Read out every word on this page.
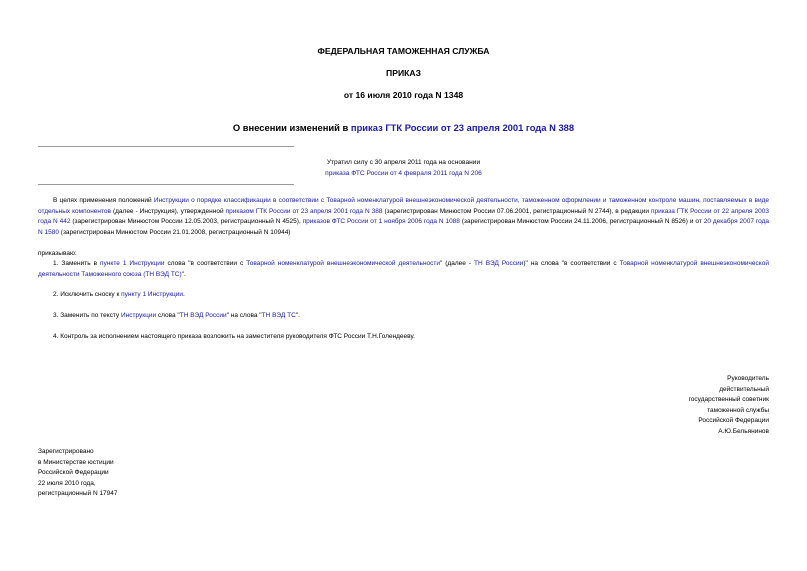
ФЕДЕРАЛЬНАЯ ТАМОЖЕННАЯ СЛУЖБА
ПРИКАЗ
от 16 июля 2010 года N 1348
О внесении изменений в приказ ГТК России от 23 апреля 2001 года N 388
Утратил силу с 30 апреля 2011 года на основании
приказа ФТС России от 4 февраля 2011 года N 206
В целях применения положений Инструкции о порядке классификации в соответствии с Товарной номенклатурой внешнеэкономической деятельности, таможенном оформлении и таможенном контроле машин, поставляемых в виде отдельных компонентов (далее - Инструкция), утвержденной приказом ГТК России от 23 апреля 2001 года N 388 (зарегистрирован Минюстом России 07.06.2001, регистрационный N 2744), в редакции приказа ГТК России от 22 апреля 2003 года N 442 (зарегистрирован Минюстом России 12.05.2003, регистрационный N 4525), приказов ФТС России от 1 ноября 2006 года N 1088 (зарегистрирован Минюстом России 24.11.2006, регистрационный N 8526) и от 20 декабря 2007 года N 1580 (зарегистрирован Минюстом России 21.01.2008, регистрационный N 10944)
приказываю:
1. Заменить в пункте 1 Инструкции слова "в соответствии с Товарной номенклатурой внешнеэкономической деятельности" (далее - ТН ВЭД России)" на слова "в соответствии с Товарной номенклатурой внешнеэкономической деятельности Таможенного союза (ТН ВЭД ТС)".
2. Исключить сноску к пункту 1 Инструкции.
3. Заменить по тексту Инструкции слова "ТН ВЭД России" на слова "ТН ВЭД ТС".
4. Контроль за исполнением настоящего приказа возложить на заместителя руководителя ФТС России Т.Н.Голендееву.
Руководитель
действительный
государственный советник
таможенной службы
Российской Федерации
А.Ю.Бельянинов
Зарегистрировано
в Министерстве юстиции
Российской Федерации
22 июля 2010 года,
регистрационный N 17947
